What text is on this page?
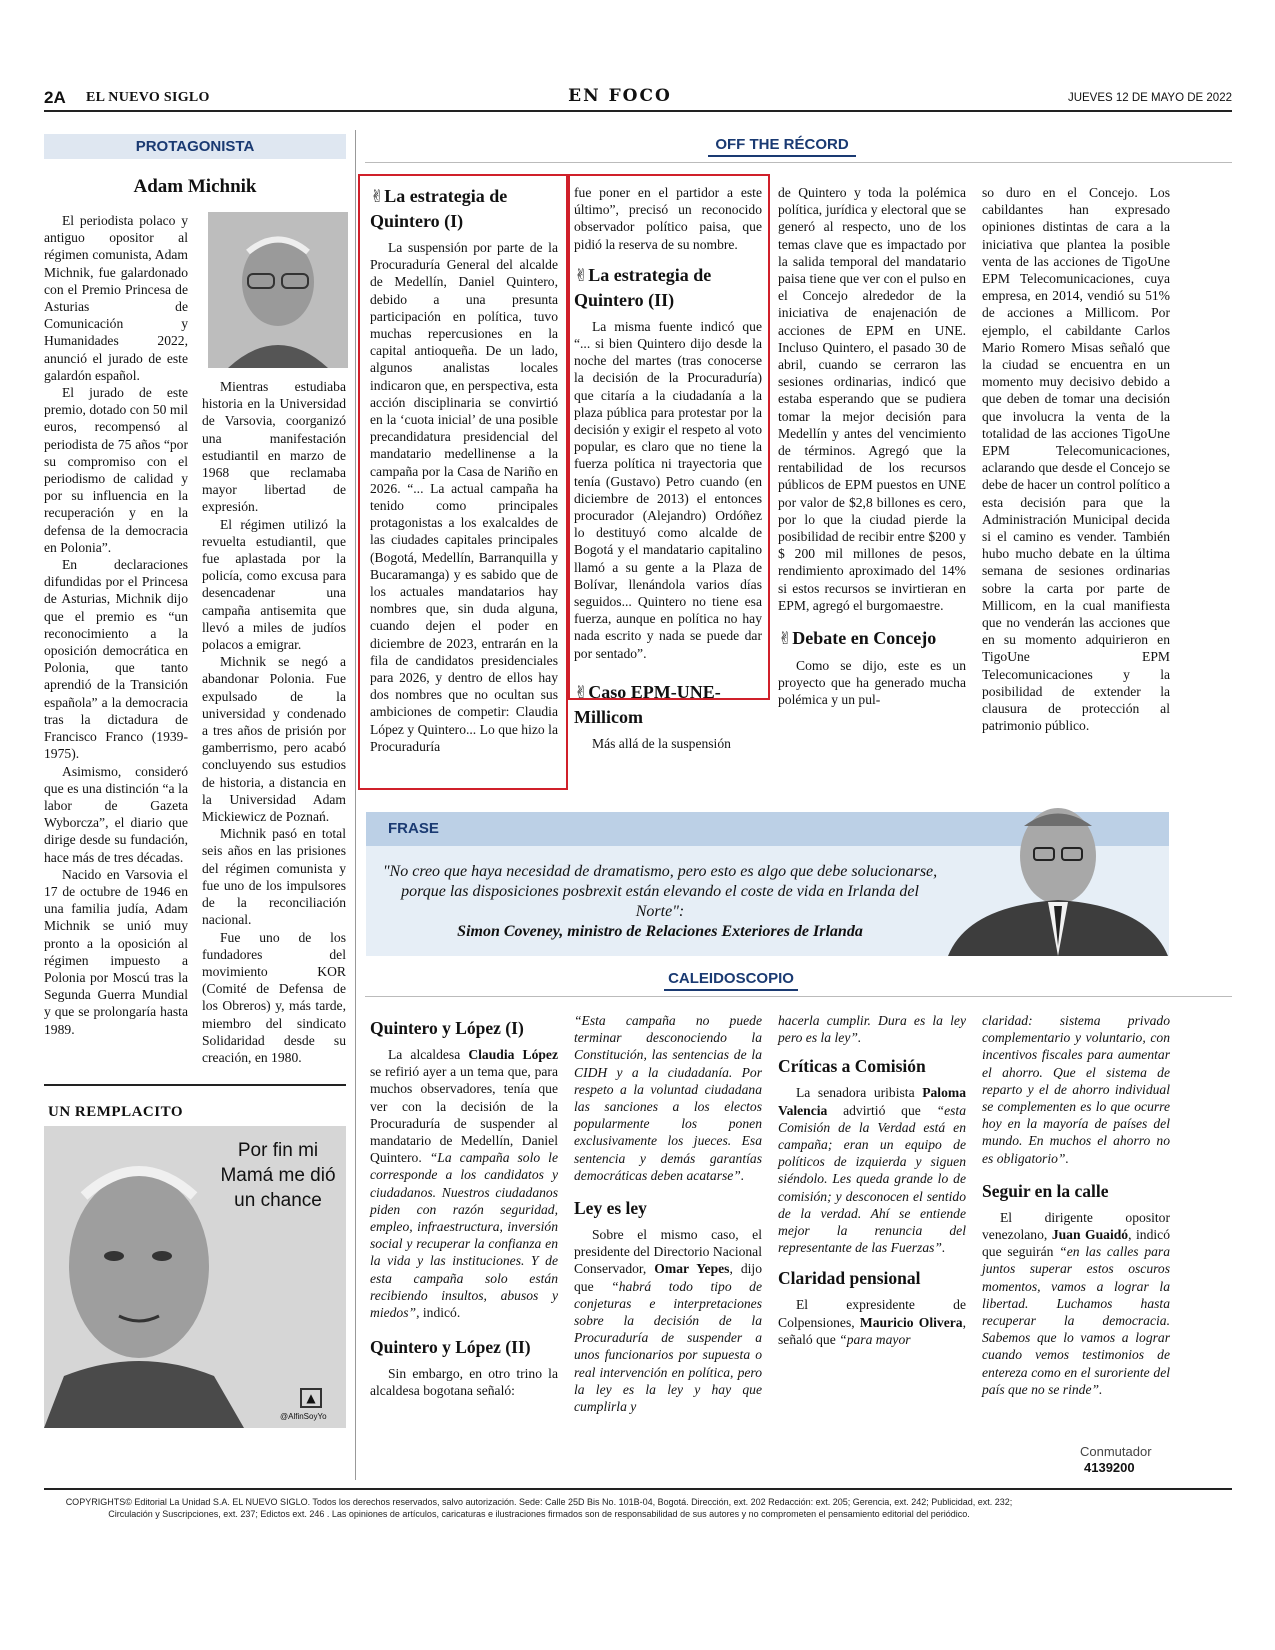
2A EL NUEVO SIGLO	EN FOCO	JUEVES 12 DE MAYO DE 2022
PROTAGONISTA
Adam Michnik

El periodista polaco y antiguo opositor al régimen comunista, Adam Michnik, fue galardonado con el Premio Princesa de Asturias de Comunicación y Humanidades 2022, anunció el jurado de este galardón español.

El jurado de este premio, dotado con 50 mil euros, recompensó al periodista de 75 años “por su compromiso con el periodismo de calidad y por su influencia en la recuperación y en la defensa de la democracia en Polonia”.

En declaraciones difundidas por el Princesa de Asturias, Michnik dijo que el premio es “un reconocimiento a la oposición democrática en Polonia, que tanto aprendió de la Transición española” a la democracia tras la dictadura de Francisco Franco (1939-1975).

Asimismo, consideró que es una distinción “a la labor de Gazeta Wyborcza”, el diario que dirige desde su fundación, hace más de tres décadas.

Nacido en Varsovia el 17 de octubre de 1946 en una familia judía, Adam Michnik se unió muy pronto a la oposición al régimen impuesto a Polonia por Moscú tras la Segunda Guerra Mundial y que se prolongaría hasta 1989.

Mientras estudiaba historia en la Universidad de Varsovia, coorganizó una manifestación estudiantil en marzo de 1968 que reclamaba mayor libertad de expresión.

El régimen utilizó la revuelta estudiantil, que fue aplastada por la policía, como excusa para desencadenar una campaña antisemita que llevó a miles de judíos polacos a emigrar.

Michnik se negó a abandonar Polonia. Fue expulsado de la universidad y condenado a tres años de prisión por gamberrismo, pero acabó concluyendo sus estudios de historia, a distancia en la Universidad Adam Mickiewicz de Poznań.

Michnik pasó en total seis años en las prisiones del régimen comunista y fue uno de los impulsores de la reconciliación nacional.

Fue uno de los fundadores del movimiento KOR (Comité de Defensa de los Obreros) y, más tarde, miembro del sindicato Solidaridad desde su creación, en 1980.

UN REMPLACITO
Por fin mi Mamá me dió un chance
▲
@AlfinSoyYo
OFF THE RÉCORD
✌La estrategia de Quintero (I)

La suspensión por parte de la Procuraduría General del alcalde de Medellín, Daniel Quintero, debido a una presunta participación en política, tuvo muchas repercusiones en la capital antioqueña. De un lado, algunos analistas locales indicaron que, en perspectiva, esta acción disciplinaria se convirtió en la ‘cuota inicial’ de una posible precandidatura presidencial del mandatario medellinense a la campaña por la Casa de Nariño en 2026. “... La actual campaña ha tenido como principales protagonistas a los exalcaldes de las ciudades capitales principales (Bogotá, Medellín, Barranquilla y Bucaramanga) y es sabido que de los actuales mandatarios hay nombres que, sin duda alguna, cuando dejen el poder en diciembre de 2023, entrarán en la fila de candidatos presidenciales para 2026, y dentro de ellos hay dos nombres que no ocultan sus ambiciones de competir: Claudia López y Quintero... Lo que hizo la Procuraduría

fue poner en el partidor a este último”, precisó un reconocido observador político paisa, que pidió la reserva de su nombre.

✌La estrategia de Quintero (II)

La misma fuente indicó que “... si bien Quintero dijo desde la noche del martes (tras conocerse la decisión de la Procuraduría) que citaría a la ciudadanía a la plaza pública para protestar por la decisión y exigir el respeto al voto popular, es claro que no tiene la fuerza política ni trayectoria que tenía (Gustavo) Petro cuando (en diciembre de 2013) el entonces procurador (Alejandro) Ordóñez lo destituyó como alcalde de Bogotá y el mandatario capitalino llamó a su gente a la Plaza de Bolívar, llenándola varios días seguidos... Quintero no tiene esa fuerza, aunque en política no hay nada escrito y nada se puede dar por sentado”.

✌Caso EPM-UNE-Millicom

Más allá de la suspensión

de Quintero y toda la polémica política, jurídica y electoral que se generó al respecto, uno de los temas clave que es impactado por la salida temporal del mandatario paisa tiene que ver con el pulso en el Concejo alrededor de la iniciativa de enajenación de acciones de EPM en UNE. Incluso Quintero, el pasado 30 de abril, cuando se cerraron las sesiones ordinarias, indicó que estaba esperando que se pudiera tomar la mejor decisión para Medellín y antes del vencimiento de términos. Agregó que la rentabilidad de los recursos públicos de EPM puestos en UNE por valor de $2,8 billones es cero, por lo que la ciudad pierde la posibilidad de recibir entre $200 y $ 200 mil millones de pesos, rendimiento aproximado del 14% si estos recursos se invirtieran en EPM, agregó el burgomaestre.

✌Debate en Concejo

Como se dijo, este es un proyecto que ha generado mucha polémica y un pul-

so duro en el Concejo. Los cabildantes han expresado opiniones distintas de cara a la iniciativa que plantea la posible venta de las acciones de TigoUne EPM Telecomunicaciones, cuya empresa, en 2014, vendió su 51% de acciones a Millicom. Por ejemplo, el cabildante Carlos Mario Romero Misas señaló que la ciudad se encuentra en un momento muy decisivo debido a que deben de tomar una decisión que involucra la venta de la totalidad de las acciones TigoUne EPM Telecomunicaciones, aclarando que desde el Concejo se debe de hacer un control político a esta decisión para que la Administración Municipal decida si el camino es vender. También hubo mucho debate en la última semana de sesiones ordinarias sobre la carta por parte de Millicom, en la cual manifiesta que no venderán las acciones que en su momento adquirieron en TigoUne EPM Telecomunicaciones y la posibilidad de extender la clausura de protección al patrimonio público.

FRASE
"No creo que haya necesidad de dramatismo, pero esto es algo que debe solucionarse, porque las disposiciones posbrexit están elevando el coste de vida en Irlanda del Norte":
Simon Coveney, ministro de Relaciones Exteriores de Irlanda
CALEIDOSCOPIO
Quintero y López (I)

La alcaldesa Claudia López se refirió ayer a un tema que, para muchos observadores, tenía que ver con la decisión de la Procuraduría de suspender al mandatario de Medellín, Daniel Quintero. “La campaña solo le corresponde a los candidatos y ciudadanos. Nuestros ciudadanos piden con razón seguridad, empleo, infraestructura, inversión social y recuperar la confianza en la vida y las instituciones. Y de esta campaña solo están recibiendo insultos, abusos y miedos”, indicó.

Quintero y López (II)

Sin embargo, en otro trino la alcaldesa bogotana señaló:

“Esta campaña no puede terminar desconociendo la Constitución, las sentencias de la CIDH y a la ciudadanía. Por respeto a la voluntad ciudadana las sanciones a los electos popularmente los ponen exclusivamente los jueces. Esa sentencia y demás garantías democráticas deben acatarse”.

Ley es ley

Sobre el mismo caso, el presidente del Directorio Nacional Conservador, Omar Yepes, dijo que “habrá todo tipo de conjeturas e interpretaciones sobre la decisión de la Procuraduría de suspender a unos funcionarios por supuesta o real intervención en política, pero la ley es la ley y hay que cumplirla y

hacerla cumplir. Dura es la ley pero es la ley”.

Críticas a Comisión

La senadora uribista Paloma Valencia advirtió que “esta Comisión de la Verdad está en campaña; eran un equipo de políticos de izquierda y siguen siéndolo. Les queda grande lo de comisión; y desconocen el sentido de la verdad. Ahí se entiende mejor la renuncia del representante de las Fuerzas”.

Claridad pensional

El expresidente de Colpensiones, Mauricio Olivera, señaló que “para mayor

claridad: sistema privado complementario y voluntario, con incentivos fiscales para aumentar el ahorro. Que el sistema de reparto y el de ahorro individual se complementen es lo que ocurre hoy en la mayoría de países del mundo. En muchos el ahorro no es obligatorio”.

Seguir en la calle

El dirigente opositor venezolano, Juan Guaidó, indicó que seguirán “en las calles para juntos superar estos oscuros momentos, vamos a lograr la libertad. Luchamos hasta recuperar la democracia. Sabemos que lo vamos a lograr cuando vemos testimonios de entereza como en el suroriente del país que no se rinde”.

COPYRIGHTS© Editorial La Unidad S.A. EL NUEVO SIGLO. Todos los derechos reservados, salvo autorización. Sede: Calle 25D Bis No. 101B-04, Bogotá. Dirección, ext. 202 Redacción: ext. 205; Gerencia, ext. 242; Publicidad, ext. 232;
Circulación y Suscripciones, ext. 237; Edictos ext. 246 . Las opiniones de artículos, caricaturas e ilustraciones firmados son de responsabilidad de sus autores y no comprometen el pensamiento editorial del periódico.
Conmutador
4139200
